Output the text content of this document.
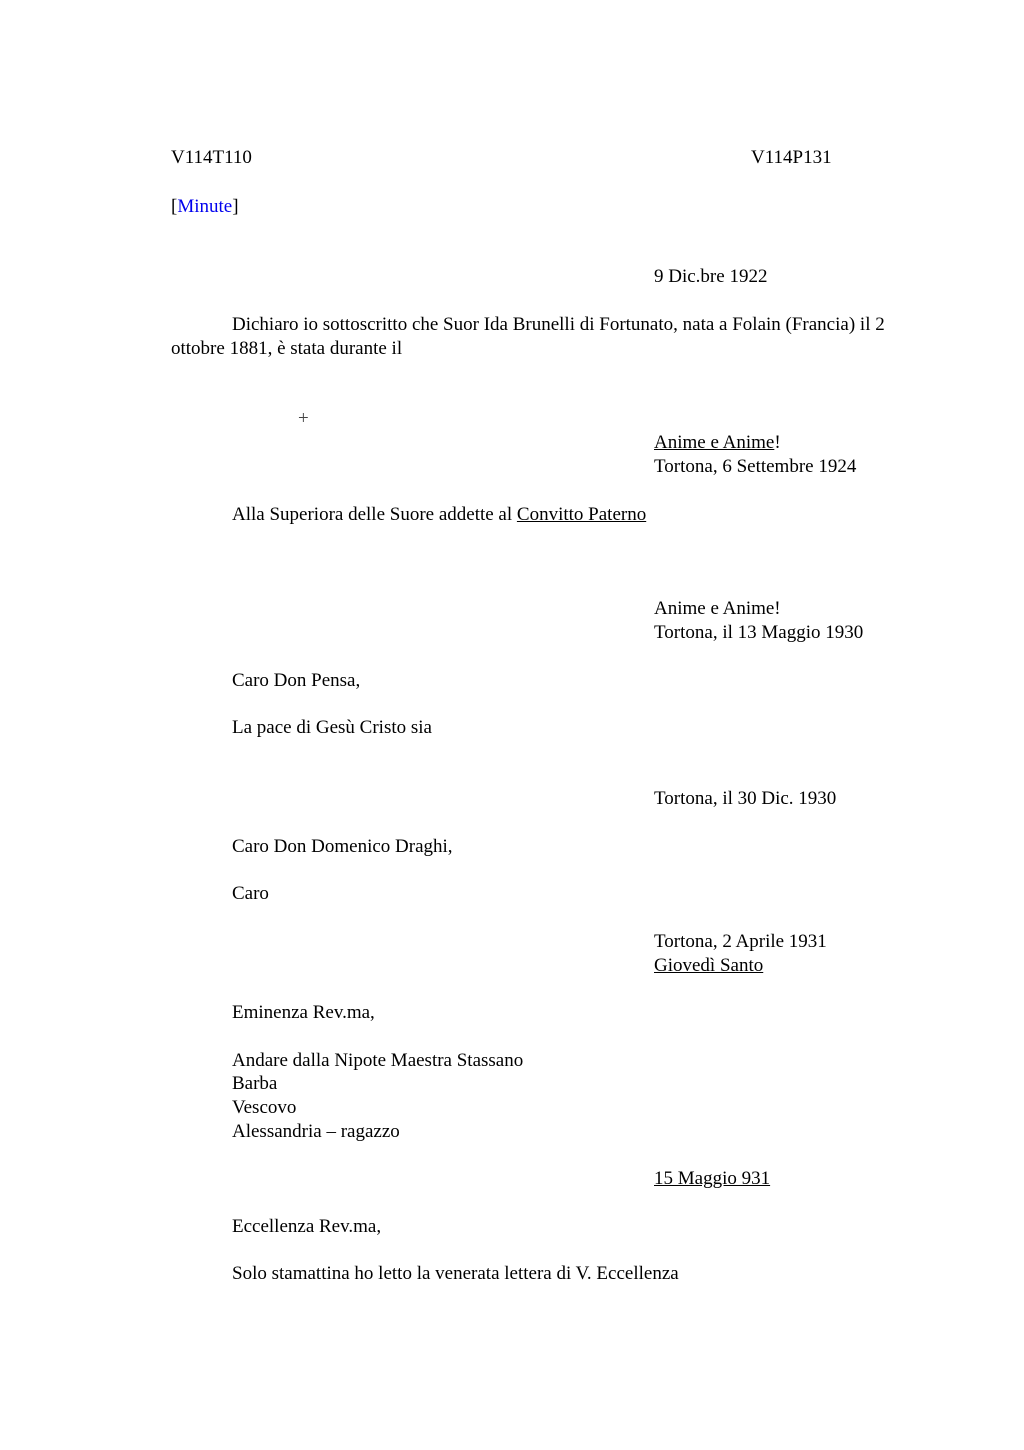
V114T110	V114P131
[Minute]
9 Dic.bre 1922

Dichiaro io sottoscritto che Suor Ida Brunelli di Fortunato, nata a Folain (Francia) il 2 ottobre 1881, è stata durante il

+
Anime e Anime!
Tortona, 6 Settembre 1924
Alla Superiora delle Suore addette al Convitto Paterno
Anime e Anime!
Tortona, il 13 Maggio 1930
Caro Don Pensa,
La pace di Gesù Cristo sia
Tortona, il 30 Dic. 1930
Caro Don Domenico Draghi,
Caro
Tortona, 2 Aprile 1931
Giovedì Santo
Eminenza Rev.ma,
Andare dalla Nipote Maestra Stassano
Barba
Vescovo
Alessandria – ragazzo
15 Maggio 931
Eccellenza Rev.ma,
Solo stamattina ho letto la venerata lettera di V. Eccellenza
